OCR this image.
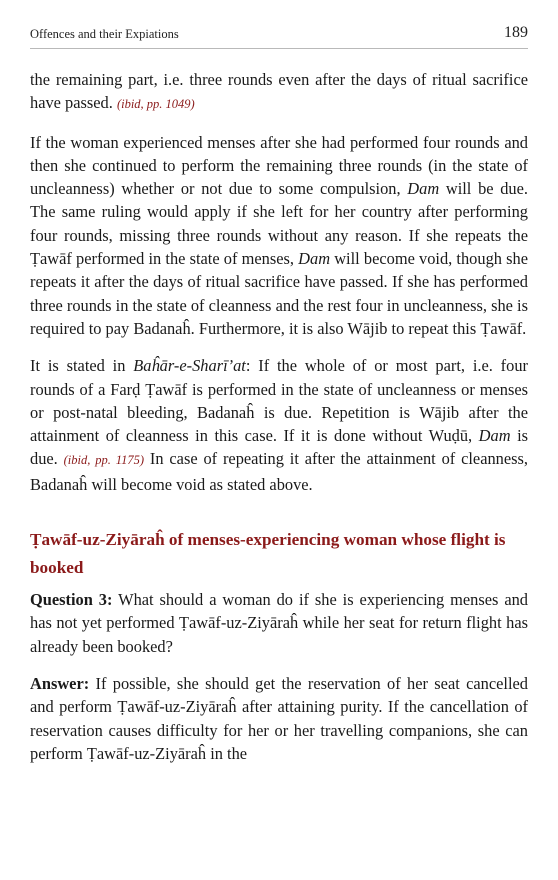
Offences and their Expiations	189

the remaining part, i.e. three rounds even after the days of ritual sacrifice have passed. (ibid, pp. 1049)

If the woman experienced menses after she had performed four rounds and then she continued to perform the remaining three rounds (in the state of uncleanness) whether or not due to some compulsion, Dam will be due. The same ruling would apply if she left for her country after performing four rounds, missing three rounds without any reason. If she repeats the Ṭawāf performed in the state of menses, Dam will become void, though she repeats it after the days of ritual sacrifice have passed. If she has performed three rounds in the state of cleanness and the rest four in uncleanness, she is required to pay Badanaĥ. Furthermore, it is also Wājib to repeat this Ṭawāf.

It is stated in Baĥār-e-Sharī’at: If the whole of or most part, i.e. four rounds of a Farḍ Ṭawāf is performed in the state of uncleanness or menses or post-natal bleeding, Badanaĥ is due. Repetition is Wājib after the attainment of cleanness in this case. If it is done without Wuḍū, Dam is due. (ibid, pp. 1175) In case of repeating it after the attainment of cleanness, Badanaĥ will become void as stated above.

Ṭawāf-uz-Ziyāraĥ of menses-experiencing woman whose flight is booked

Question 3: What should a woman do if she is experiencing menses and has not yet performed Ṭawāf-uz-Ziyāraĥ while her seat for return flight has already been booked?

Answer: If possible, she should get the reservation of her seat cancelled and perform Ṭawāf-uz-Ziyāraĥ after attaining purity. If the cancellation of reservation causes difficulty for her or her travelling companions, she can perform Ṭawāf-uz-Ziyāraĥ in the
